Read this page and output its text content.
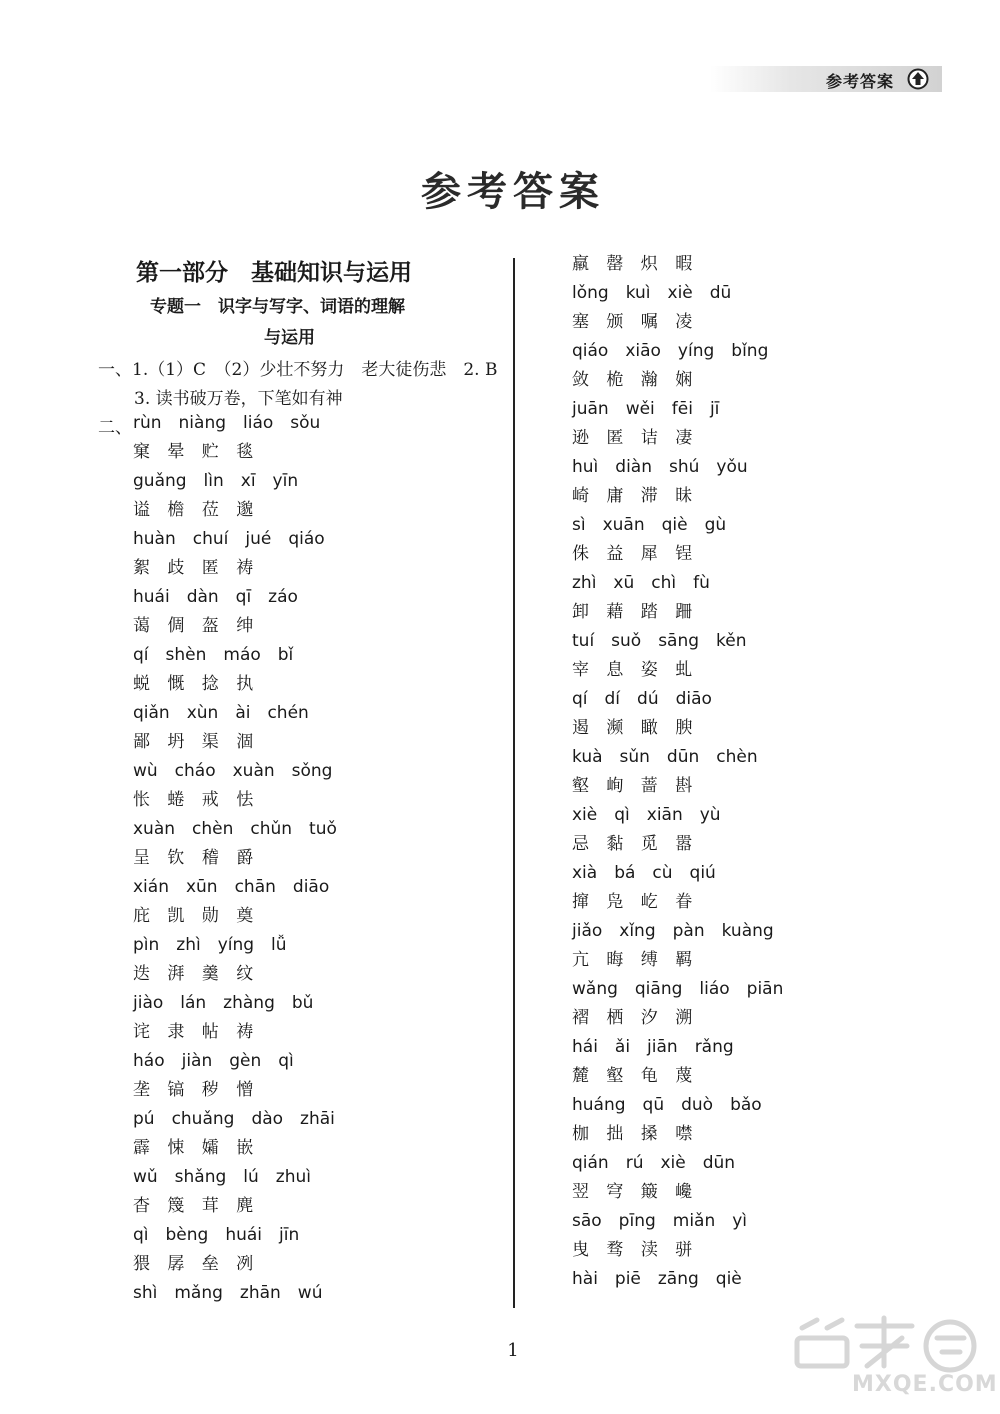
参考答案
参考答案
第一部分　基础知识与运用
专题一　识字与写字、词语的理解
与运用
一、1.（1）C　（2）少壮不努力　老大徒伤悲　2. B
3. 读书破万卷，下笔如有神
二、 rùn　niàng　liáo　sǒu
窠 晕 贮 毯
guǎng　lìn　xī　yīn
谥 檐 莅 邈
huàn　chuí　jué　qiáo
絮 歧 匿 祷
huái　dàn　qī　záo
蔼 倜 盔 绅
qí　shèn　máo　bǐ
蜕 慨 捻 执
qiǎn　xùn　ài　chén
鄙 坍 渠 涸
wù　cháo　xuàn　sǒng
怅 蜷 戒 怯
xuàn　chèn　chǔn　tuǒ
呈 钦 稽 爵
xián　xūn　chān　diāo
庇 凯 勋 奠
pìn　zhì　yíng　lǚ
迭 湃 羹 纹
jiào　lán　zhàng　bǔ
诧 隶 帖 祷
háo　jiàn　gèn　qì
垄 镐 秽 憎
pú　chuǎng　dào　zhāi
霹 悚 孀 嵌
wǔ　shǎng　lú　zhuì
杳 篾 茸 麂
qì　bèng　huái　jīn
猥 孱 垒 冽
shì　mǎng　zhān　wú
羸 罄 炽 暇
lǒng　kuì　xiè　dū
塞 颁 嘱 凌
qiáo　xiāo　yíng　bǐng
敛 桅 瀚 娴
juān　wěi　fēi　jī
逊 匿 诘 凄
huì　diàn　shú　yǒu
崎 庸 滞 昧
sì　xuān　qiè　gù
侏 益 犀 锃
zhì　xū　chì　fù
卸 藉 踏 跚
tuí　suǒ　sāng　kěn
宰 息 姿 虬
qí　dí　dú　diāo
遏 濒 瞰 腴
kuà　sǔn　dūn　chèn
壑 峋 蔷 斟
xiè　qì　xiān　yù
忌 黏 觅 嚣
xià　bá　cù　qiú
撺 凫 屹 眷
jiǎo　xǐng　pàn　kuàng
亢 晦 缚 羁
wǎng　qiāng　liáo　piān
褶 栖 汐 溯
hái　ǎi　jiān　rǎng
麓 壑 龟 蔑
huáng　qū　duò　bǎo
枷 拙 搡 噤
qián　rú　xiè　dūn
翌 穹 簸 巉
sāo　pīng　miǎn　yì
曳 骛 渎 骈
hài　piē　zāng　qiè
1
MXQE.COM
